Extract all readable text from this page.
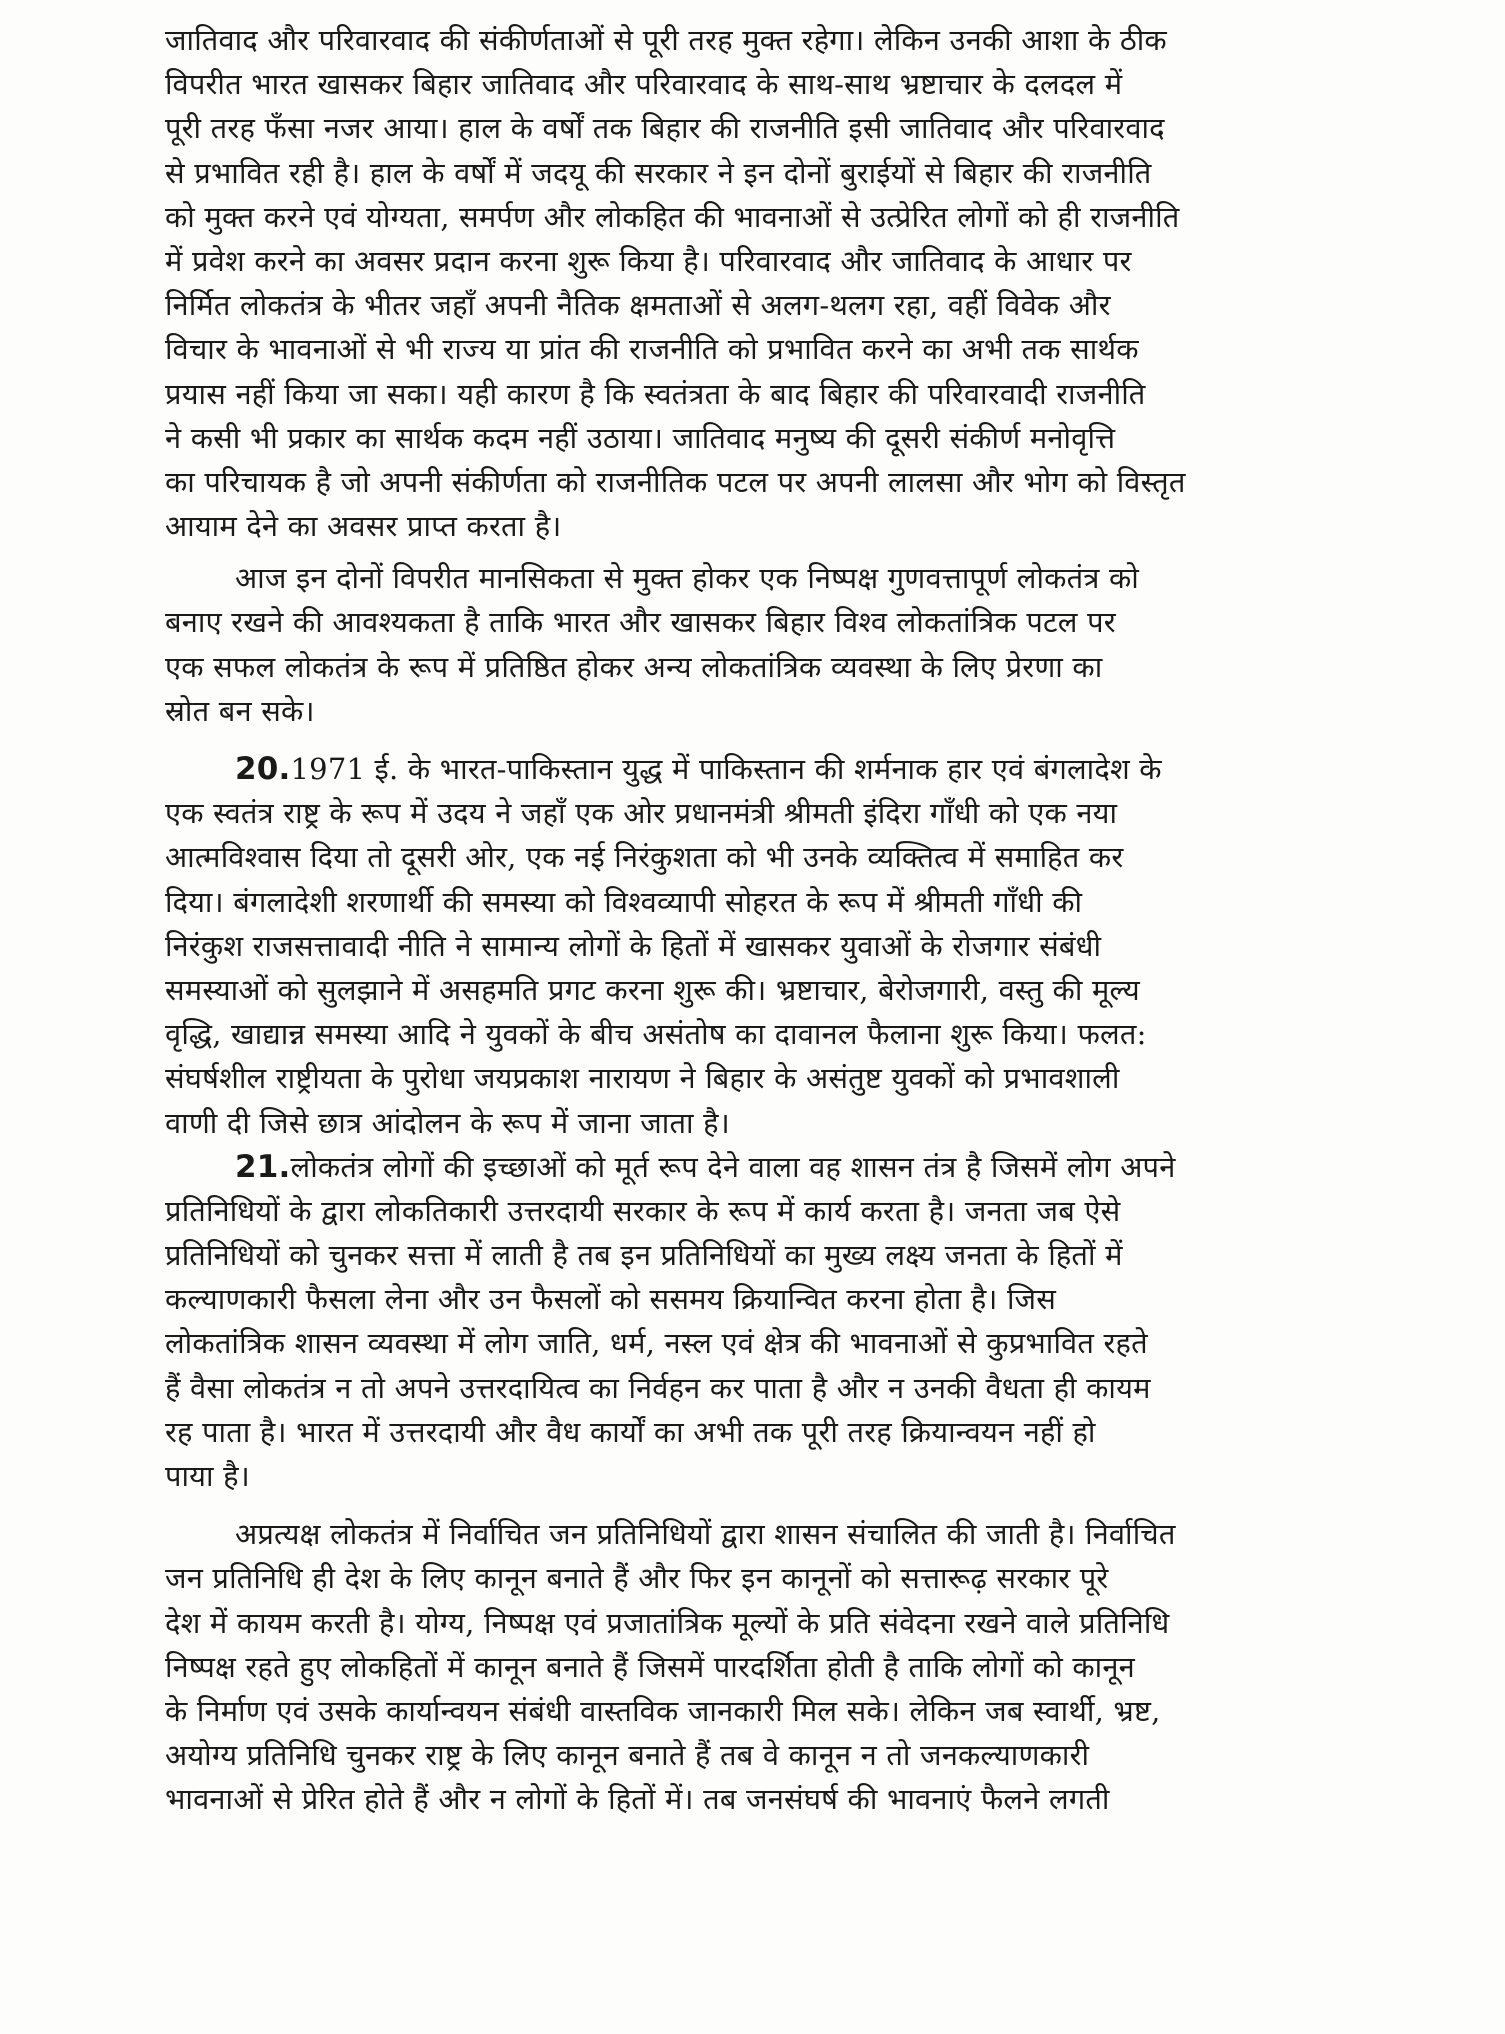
जातिवाद और परिवारवाद की संकीर्णताओं से पूरी तरह मुक्त रहेगा। लेकिन उनकी आशा के ठीक
विपरीत भारत खासकर बिहार जातिवाद और परिवारवाद के साथ-साथ भ्रष्टाचार के दलदल में
पूरी तरह फँसा नजर आया। हाल के वर्षों तक बिहार की राजनीति इसी जातिवाद और परिवारवाद
से प्रभावित रही है। हाल के वर्षों में जदयू की सरकार ने इन दोनों बुराईयों से बिहार की राजनीति
को मुक्त करने एवं योग्यता, समर्पण और लोकहित की भावनाओं से उत्प्रेरित लोगों को ही राजनीति
में प्रवेश करने का अवसर प्रदान करना शुरू किया है। परिवारवाद और जातिवाद के आधार पर
निर्मित लोकतंत्र के भीतर जहाँ अपनी नैतिक क्षमताओं से अलग-थलग रहा, वहीं विवेक और
विचार के भावनाओं से भी राज्य या प्रांत की राजनीति को प्रभावित करने का अभी तक सार्थक
प्रयास नहीं किया जा सका। यही कारण है कि स्वतंत्रता के बाद बिहार की परिवारवादी राजनीति
ने कसी भी प्रकार का सार्थक कदम नहीं उठाया। जातिवाद मनुष्य की दूसरी संकीर्ण मनोवृत्ति
का परिचायक है जो अपनी संकीर्णता को राजनीतिक पटल पर अपनी लालसा और भोग को विस्तृत
आयाम देने का अवसर प्राप्त करता है।
आज इन दोनों विपरीत मानसिकता से मुक्त होकर एक निष्पक्ष गुणवत्तापूर्ण लोकतंत्र को
बनाए रखने की आवश्यकता है ताकि भारत और खासकर बिहार विश्व लोकतांत्रिक पटल पर
एक सफल लोकतंत्र के रूप में प्रतिष्ठित होकर अन्य लोकतांत्रिक व्यवस्था के लिए प्रेरणा का
स्रोत बन सके।
20.1971 ई. के भारत-पाकिस्तान युद्ध में पाकिस्तान की शर्मनाक हार एवं बंगलादेश के
एक स्वतंत्र राष्ट्र के रूप में उदय ने जहाँ एक ओर प्रधानमंत्री श्रीमती इंदिरा गाँधी को एक नया
आत्मविश्वास दिया तो दूसरी ओर, एक नई निरंकुशता को भी उनके व्यक्तित्व में समाहित कर
दिया। बंगलादेशी शरणार्थी की समस्या को विश्वव्यापी सोहरत के रूप में श्रीमती गाँधी की
निरंकुश राजसत्तावादी नीति ने सामान्य लोगों के हितों में खासकर युवाओं के रोजगार संबंधी
समस्याओं को सुलझाने में असहमति प्रगट करना शुरू की। भ्रष्टाचार, बेरोजगारी, वस्तु की मूल्य
वृद्धि, खाद्यान्न समस्या आदि ने युवकों के बीच असंतोष का दावानल फैलाना शुरू किया। फलत:
संघर्षशील राष्ट्रीयता के पुरोधा जयप्रकाश नारायण ने बिहार के असंतुष्ट युवकों को प्रभावशाली
वाणी दी जिसे छात्र आंदोलन के रूप में जाना जाता है।
21.लोकतंत्र लोगों की इच्छाओं को मूर्त रूप देने वाला वह शासन तंत्र है जिसमें लोग अपने
प्रतिनिधियों के द्वारा लोकतिकारी उत्तरदायी सरकार के रूप में कार्य करता है। जनता जब ऐसे
प्रतिनिधियों को चुनकर सत्ता में लाती है तब इन प्रतिनिधियों का मुख्य लक्ष्य जनता के हितों में
कल्याणकारी फैसला लेना और उन फैसलों को ससमय क्रियान्वित करना होता है। जिस
लोकतांत्रिक शासन व्यवस्था में लोग जाति, धर्म, नस्ल एवं क्षेत्र की भावनाओं से कुप्रभावित रहते
हैं वैसा लोकतंत्र न तो अपने उत्तरदायित्व का निर्वहन कर पाता है और न उनकी वैधता ही कायम
रह पाता है। भारत में उत्तरदायी और वैध कार्यों का अभी तक पूरी तरह क्रियान्वयन नहीं हो
पाया है।
अप्रत्यक्ष लोकतंत्र में निर्वाचित जन प्रतिनिधियों द्वारा शासन संचालित की जाती है। निर्वाचित
जन प्रतिनिधि ही देश के लिए कानून बनाते हैं और फिर इन कानूनों को सत्तारूढ़ सरकार पूरे
देश में कायम करती है। योग्य, निष्पक्ष एवं प्रजातांत्रिक मूल्यों के प्रति संवेदना रखने वाले प्रतिनिधि
निष्पक्ष रहते हुए लोकहितों में कानून बनाते हैं जिसमें पारदर्शिता होती है ताकि लोगों को कानून
के निर्माण एवं उसके कार्यान्वयन संबंधी वास्तविक जानकारी मिल सके। लेकिन जब स्वार्थी, भ्रष्ट,
अयोग्य प्रतिनिधि चुनकर राष्ट्र के लिए कानून बनाते हैं तब वे कानून न तो जनकल्याणकारी
भावनाओं से प्रेरित होते हैं और न लोगों के हितों में। तब जनसंघर्ष की भावनाएं फैलने लगती
